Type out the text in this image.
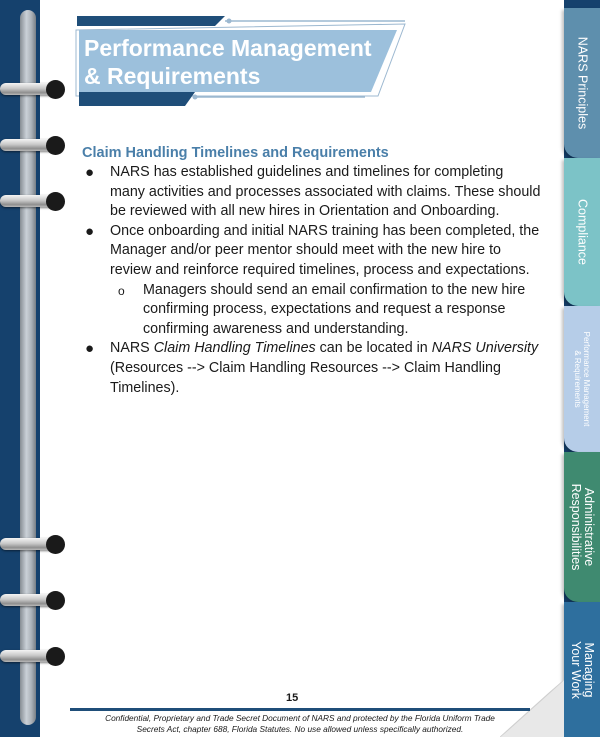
Performance Management
& Requirements
Claim Handling Timelines and Requirements
● NARS has established guidelines and timelines for completing many activities and processes associated with claims. These should be reviewed with all new hires in Orientation and Onboarding.
● Once onboarding and initial NARS training has been completed, the Manager and/or peer mentor should meet with the new hire to review and reinforce required timelines, process and expectations.
o Managers should send an email confirmation to the new hire confirming process, expectations and request a response confirming awareness and understanding.
● NARS Claim Handling Timelines can be located in NARS University (Resources --> Claim Handling Resources --> Claim Handling Timelines).
NARS Principles
Compliance
Performance Management
& Requirements
Administrative
Responsibilities
Managing
Your Work
15
Confidential, Proprietary and Trade Secret Document of NARS and protected by the Florida Uniform Trade
Secrets Act, chapter 688, Florida Statutes. No use allowed unless specifically authorized.
